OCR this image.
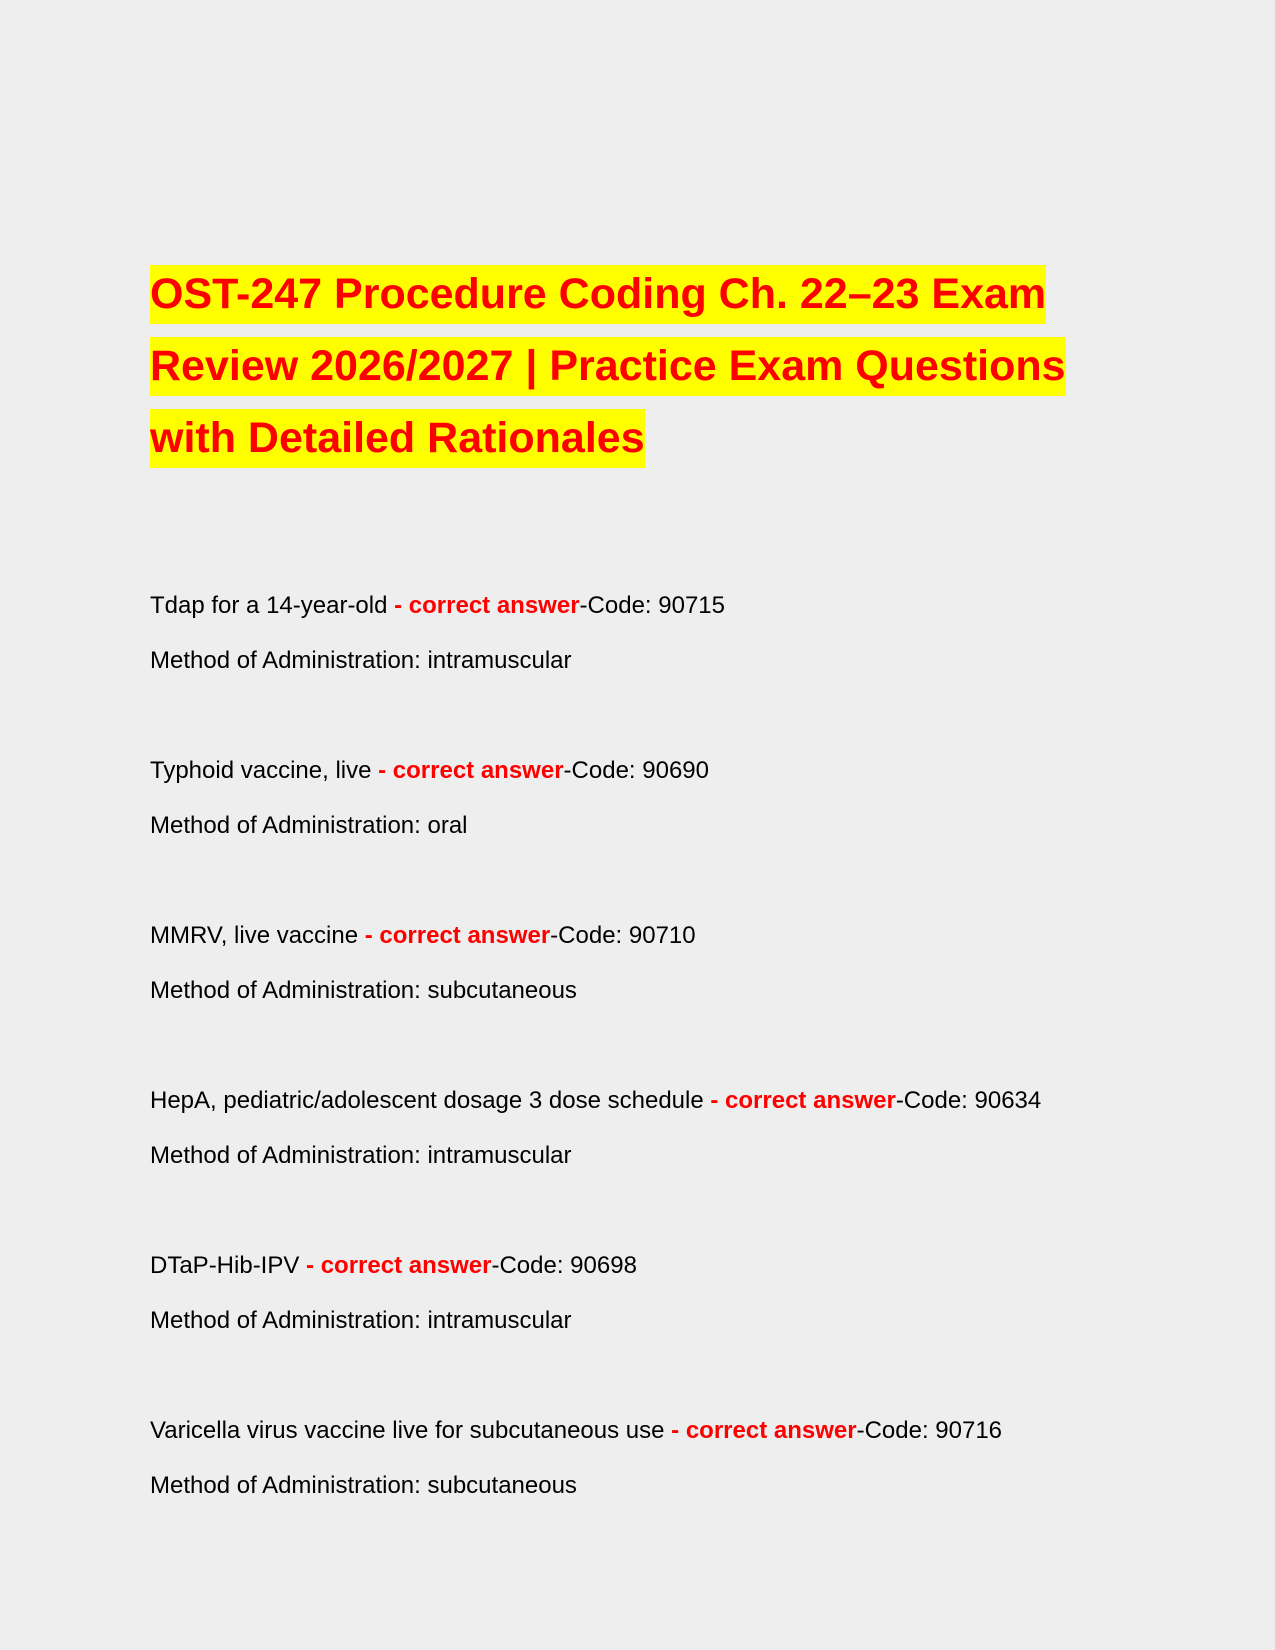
OST-247 Procedure Coding Ch. 22–23 Exam Review 2026/2027 | Practice Exam Questions with Detailed Rationales

Tdap for a 14-year-old - correct answer-Code: 90715

Method of Administration: intramuscular

Typhoid vaccine, live - correct answer-Code: 90690

Method of Administration: oral

MMRV, live vaccine - correct answer-Code: 90710

Method of Administration: subcutaneous

HepA, pediatric/adolescent dosage 3 dose schedule - correct answer-Code: 90634

Method of Administration: intramuscular

DTaP-Hib-IPV - correct answer-Code: 90698

Method of Administration: intramuscular

Varicella virus vaccine live for subcutaneous use - correct answer-Code: 90716

Method of Administration: subcutaneous
